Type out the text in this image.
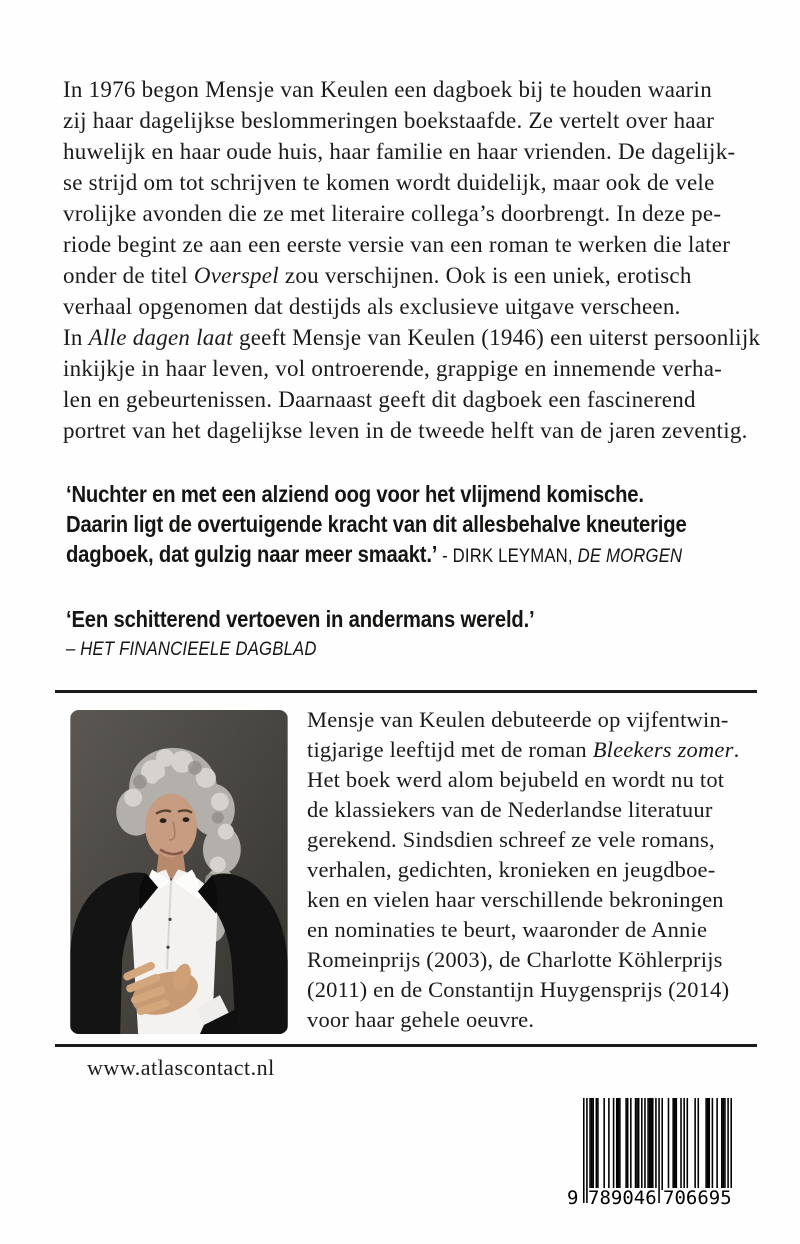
In 1976 begon Mensje van Keulen een dagboek bij te houden waarin
zij haar dagelijkse beslommeringen boekstaafde. Ze vertelt over haar
huwelijk en haar oude huis, haar familie en haar vrienden. De dagelijk-
se strijd om tot schrijven te komen wordt duidelijk, maar ook de vele
vrolijke avonden die ze met literaire collega’s doorbrengt. In deze pe-
riode begint ze aan een eerste versie van een roman te werken die later
onder de titel Overspel zou verschijnen. Ook is een uniek, erotisch
verhaal opgenomen dat destijds als exclusieve uitgave verscheen.
In Alle dagen laat geeft Mensje van Keulen (1946) een uiterst persoonlijk
inkijkje in haar leven, vol ontroerende, grappige en innemende verha-
len en gebeurtenissen. Daarnaast geeft dit dagboek een fascinerend
portret van het dagelijkse leven in de tweede helft van de jaren zeventig.
‘Nuchter en met een alziend oog voor het vlijmend komische.
Daarin ligt de overtuigende kracht van dit allesbehalve kneuterige
dagboek, dat gulzig naar meer smaakt.’ - DIRK LEYMAN, DE MORGEN
‘Een schitterend vertoeven in andermans wereld.’
– HET FINANCIEELE DAGBLAD
Mensje van Keulen debuteerde op vijfentwin-
tigjarige leeftijd met de roman Bleekers zomer.
Het boek werd alom bejubeld en wordt nu tot
de klassiekers van de Nederlandse literatuur
gerekend. Sindsdien schreef ze vele romans,
verhalen, gedichten, kronieken en jeugdboe-
ken en vielen haar verschillende bekroningen
en nominaties te beurt, waaronder de Annie
Romeinprijs (2003), de Charlotte Köhlerprijs
(2011) en de Constantijn Huygensprijs (2014)
voor haar gehele oeuvre.
www.atlascontact.nl
9 789046 706695
